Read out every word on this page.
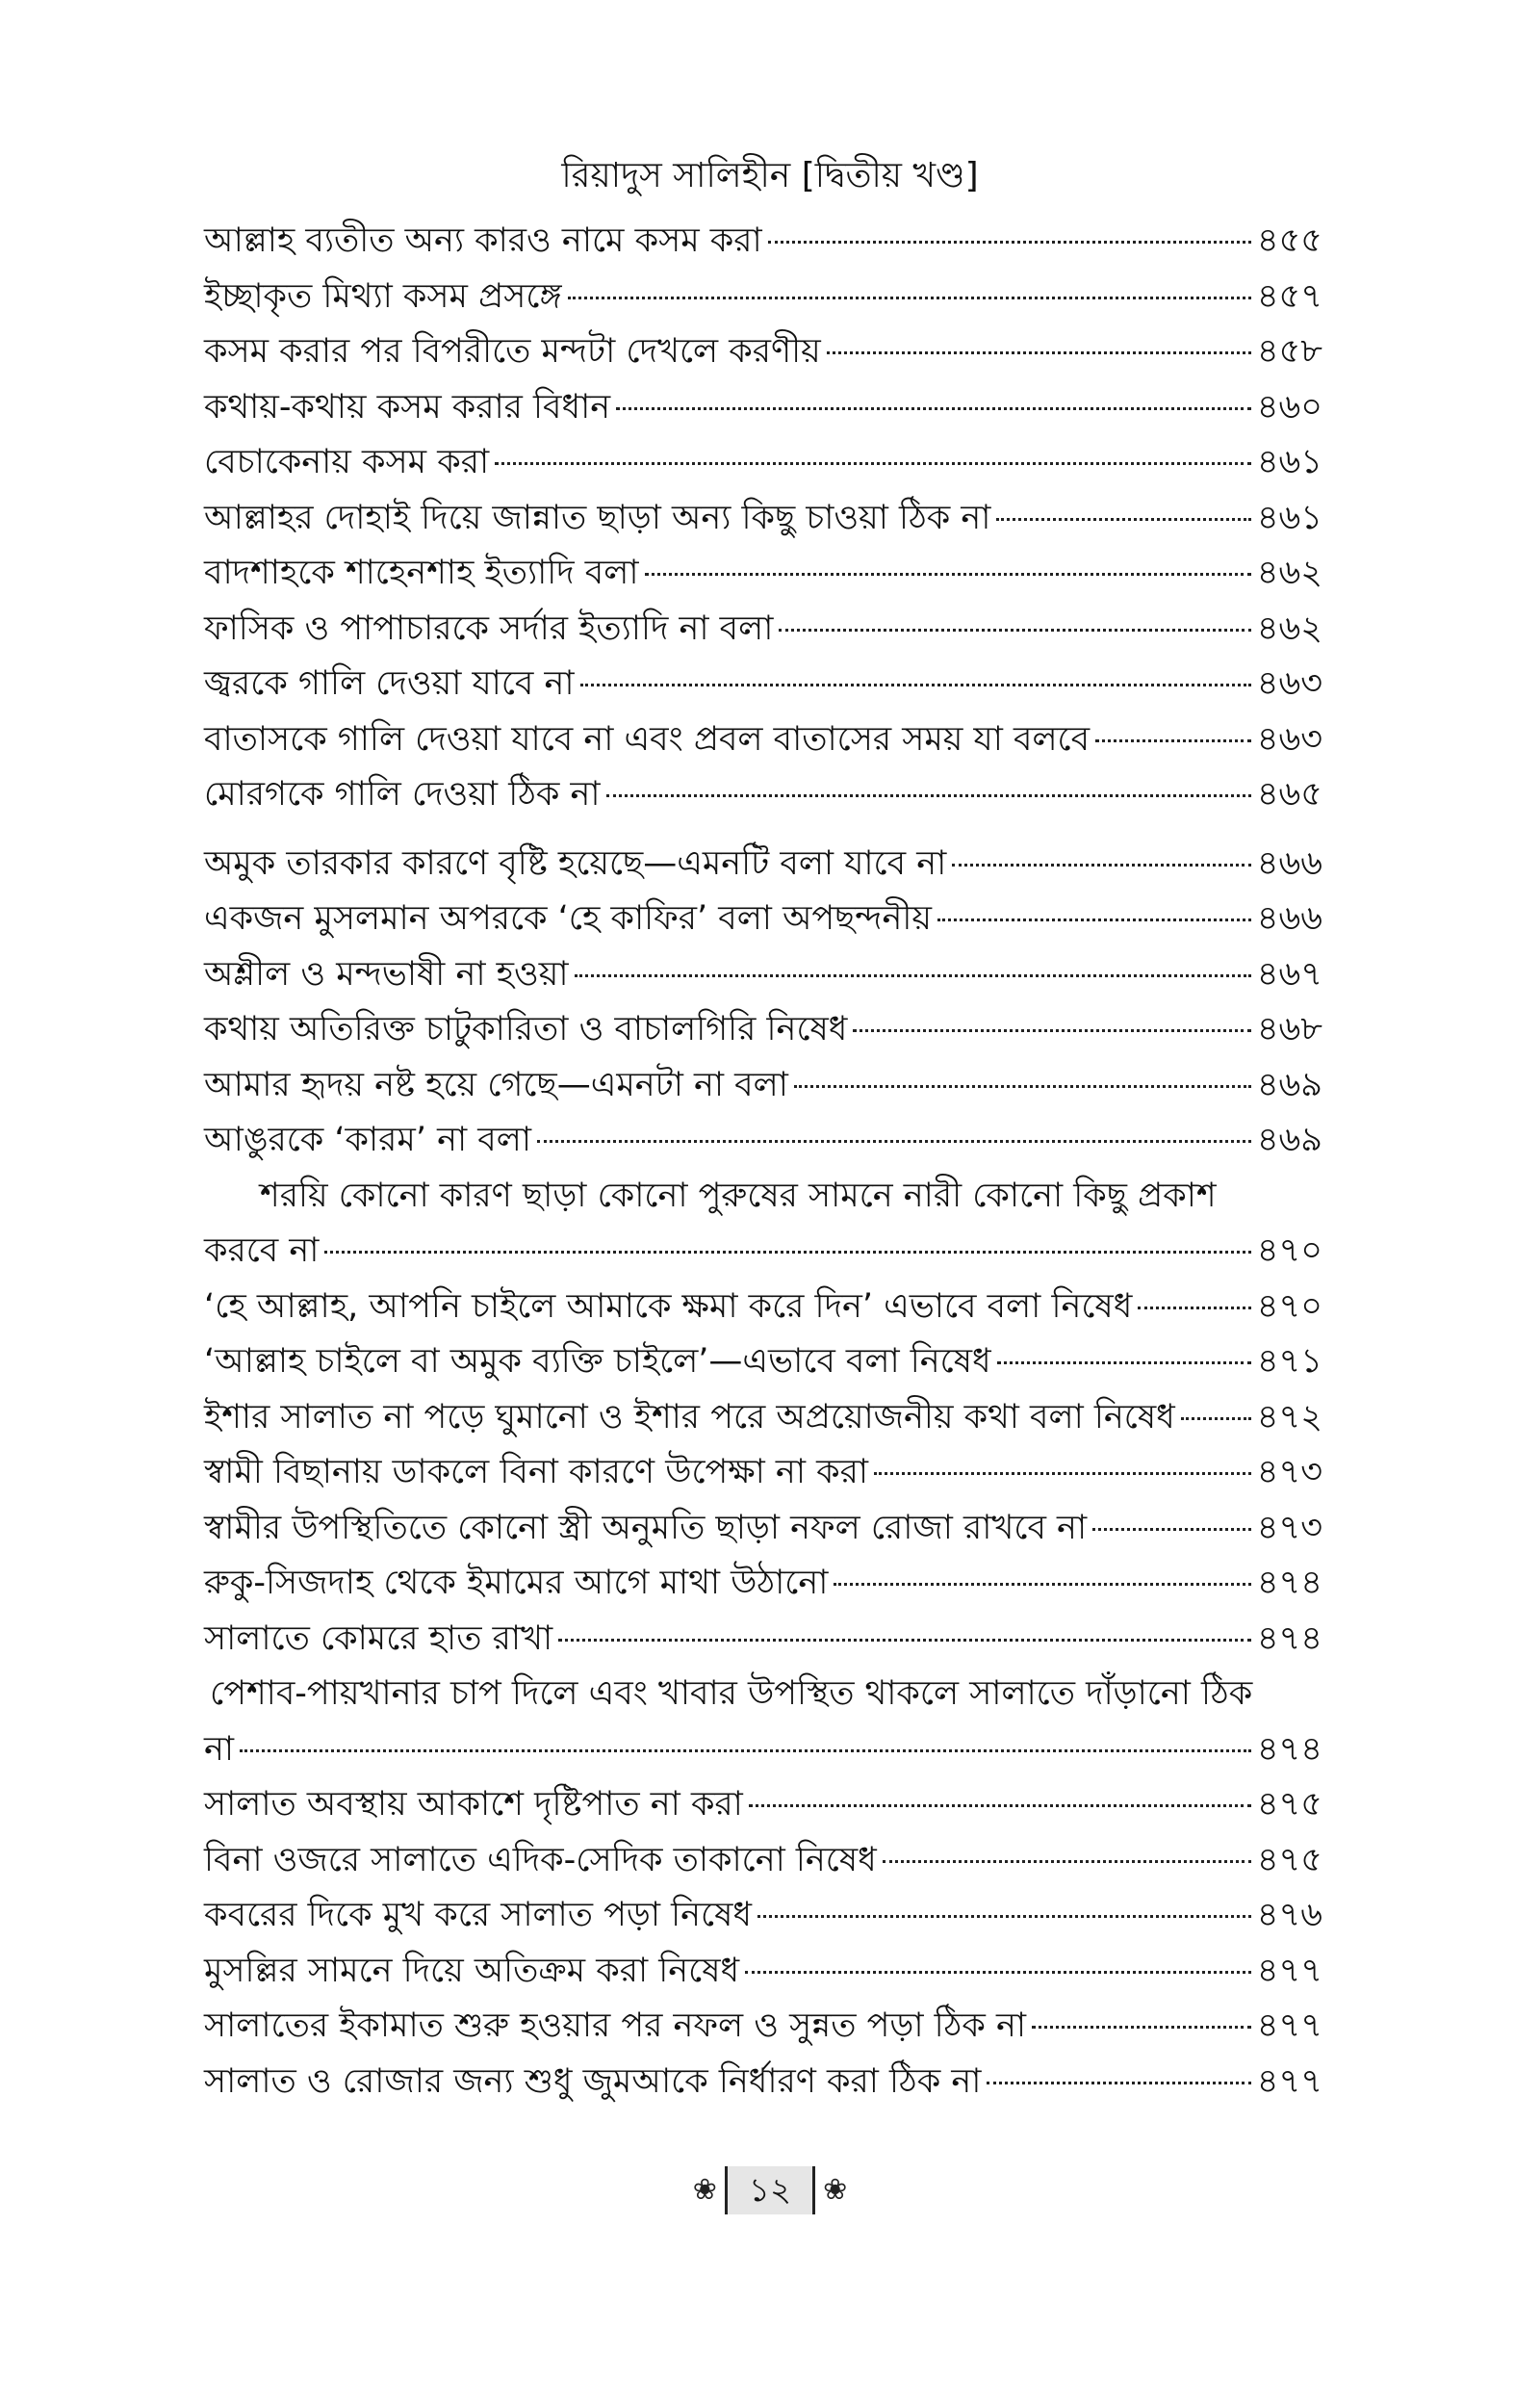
রিয়াদুস সালিহীন [দ্বিতীয় খণ্ড]
আল্লাহ ব্যতীত অন্য কারও নামে কসম করা	৪৫৫
ইচ্ছাকৃত মিথ্যা কসম প্রসঙ্গে	৪৫৭
কসম করার পর বিপরীতে মন্দটা দেখলে করণীয়	৪৫৮
কথায়-কথায় কসম করার বিধান	৪৬০
বেচাকেনায় কসম করা	৪৬১
আল্লাহর দোহাই দিয়ে জান্নাত ছাড়া অন্য কিছু চাওয়া ঠিক না	৪৬১
বাদশাহকে শাহেনশাহ ইত্যাদি বলা	৪৬২
ফাসিক ও পাপাচারকে সর্দার ইত্যাদি না বলা	৪৬২
জ্বরকে গালি দেওয়া যাবে না	৪৬৩
বাতাসকে গালি দেওয়া যাবে না এবং প্রবল বাতাসের সময় যা বলবে	৪৬৩
মোরগকে গালি দেওয়া ঠিক না	৪৬৫
অমুক তারকার কারণে বৃষ্টি হয়েছে—এমনটি বলা যাবে না	৪৬৬
একজন মুসলমান অপরকে ‘হে কাফির’ বলা অপছন্দনীয়	৪৬৬
অশ্লীল ও মন্দভাষী না হওয়া	৪৬৭
কথায় অতিরিক্ত চাটুকারিতা ও বাচালগিরি নিষেধ	৪৬৮
আমার হৃদয় নষ্ট হয়ে গেছে—এমনটা না বলা	৪৬৯
আঙুরকে ‘কারম’ না বলা	৪৬৯
শরয়ি কোনো কারণ ছাড়া কোনো পুরুষের সামনে নারী কোনো কিছু প্রকাশ
করবে না	৪৭০
‘হে আল্লাহ, আপনি চাইলে আমাকে ক্ষমা করে দিন’ এভাবে বলা নিষেধ	৪৭০
‘আল্লাহ চাইলে বা অমুক ব্যক্তি চাইলে’—এভাবে বলা নিষেধ	৪৭১
ইশার সালাত না পড়ে ঘুমানো ও ইশার পরে অপ্রয়োজনীয় কথা বলা নিষেধ ৪৭২
স্বামী বিছানায় ডাকলে বিনা কারণে উপেক্ষা না করা	৪৭৩
স্বামীর উপস্থিতিতে কোনো স্ত্রী অনুমতি ছাড়া নফল রোজা রাখবে না	৪৭৩
রুকু-সিজদাহ থেকে ইমামের আগে মাথা উঠানো	৪৭৪
সালাতে কোমরে হাত রাখা	৪৭৪
পেশাব-পায়খানার চাপ দিলে এবং খাবার উপস্থিত থাকলে সালাতে দাঁড়ানো ঠিক
না	৪৭৪
সালাত অবস্থায় আকাশে দৃষ্টিপাত না করা	৪৭৫
বিনা ওজরে সালাতে এদিক-সেদিক তাকানো নিষেধ	৪৭৫
কবরের দিকে মুখ করে সালাত পড়া নিষেধ	৪৭৬
মুসল্লির সামনে দিয়ে অতিক্রম করা নিষেধ	৪৭৭
সালাতের ইকামাত শুরু হওয়ার পর নফল ও সুন্নত পড়া ঠিক না	৪৭৭
সালাত ও রোজার জন্য শুধু জুমআকে নির্ধারণ করা ঠিক না	৪৭৭
❀ ১২ ❀
